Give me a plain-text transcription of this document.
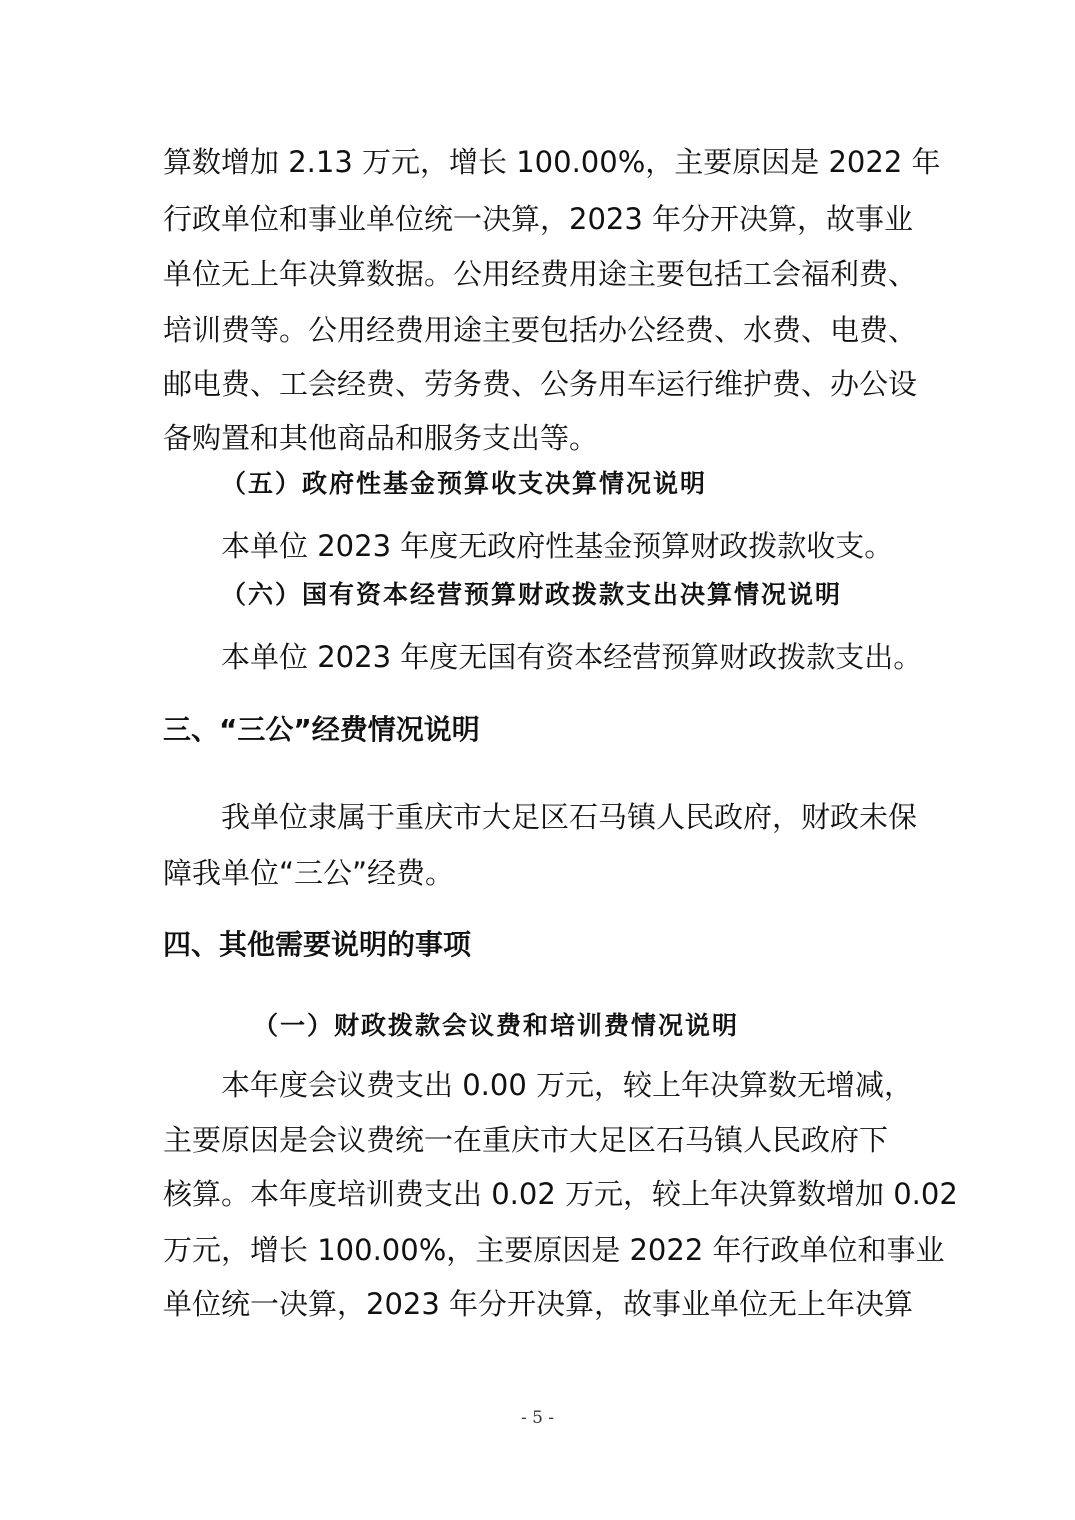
算数增加 2.13 万元，增长 100.00%，主要原因是 2022 年
行政单位和事业单位统一决算，2023 年分开决算，故事业
单位无上年决算数据。公用经费用途主要包括工会福利费、
培训费等。公用经费用途主要包括办公经费、水费、电费、
邮电费、工会经费、劳务费、公务用车运行维护费、办公设
备购置和其他商品和服务支出等。
（五）政府性基金预算收支决算情况说明
本单位 2023 年度无政府性基金预算财政拨款收支。
（六）国有资本经营预算财政拨款支出决算情况说明
本单位 2023 年度无国有资本经营预算财政拨款支出。
三、“三公”经费情况说明
我单位隶属于重庆市大足区石马镇人民政府，财政未保
障我单位“三公”经费。
四、其他需要说明的事项
（一）财政拨款会议费和培训费情况说明
本年度会议费支出 0.00 万元，较上年决算数无增减，
主要原因是会议费统一在重庆市大足区石马镇人民政府下
核算。本年度培训费支出 0.02 万元，较上年决算数增加 0.02
万元，增长 100.00%，主要原因是 2022 年行政单位和事业
单位统一决算，2023 年分开决算，故事业单位无上年决算
- 5 -
